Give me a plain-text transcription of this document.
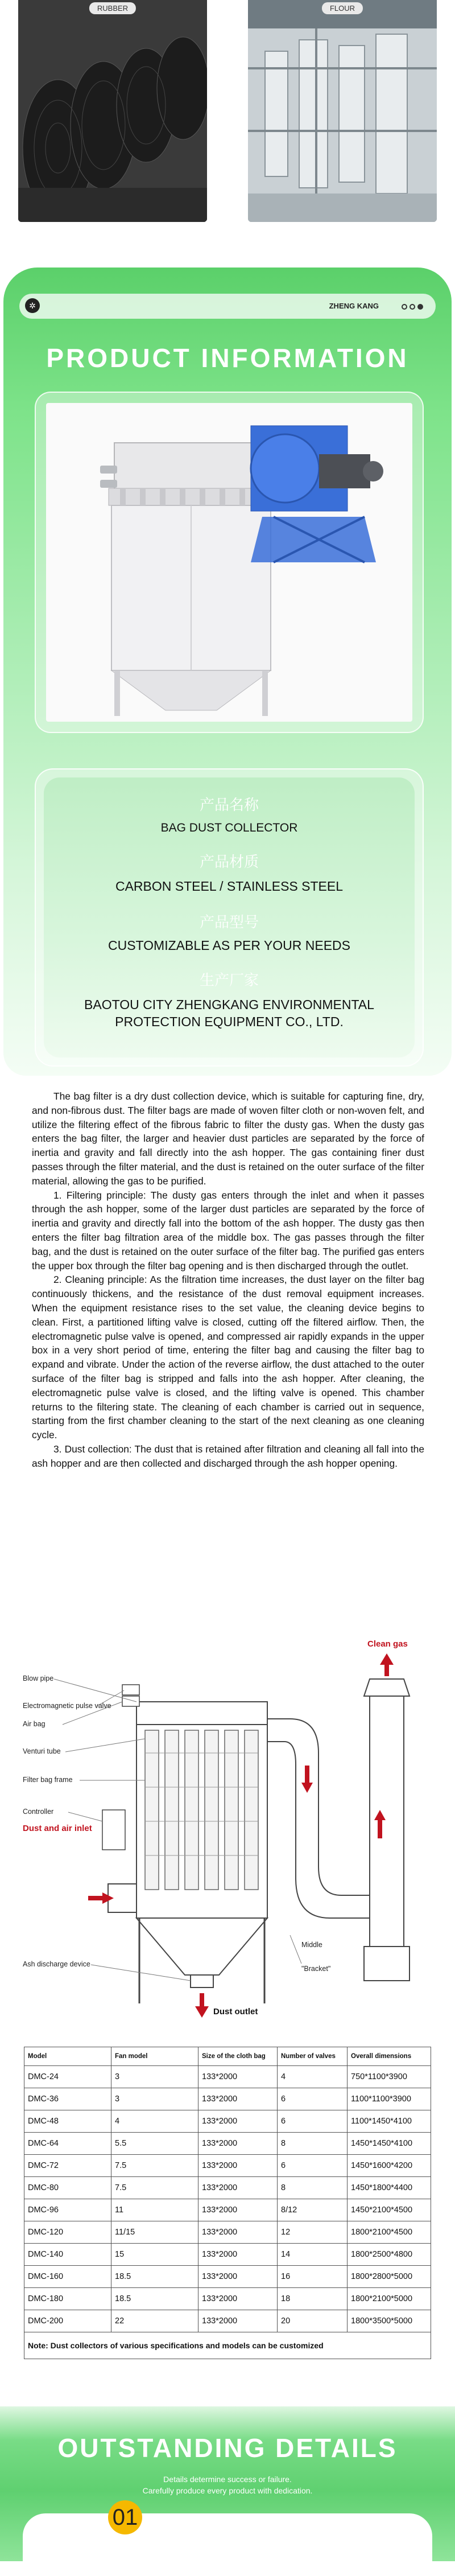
RUBBER	FLOUR
✲	ZHENG KANG
PRODUCT INFORMATION
产品名称
BAG DUST COLLECTOR
产品材质
CARBON STEEL / STAINLESS STEEL
产品型号
CUSTOMIZABLE AS PER YOUR NEEDS
生产厂家
BAOTOU CITY ZHENGKANG ENVIRONMENTAL PROTECTION EQUIPMENT CO., LTD.

The bag filter is a dry dust collection device, which is suitable for capturing fine, dry, and non-fibrous dust. The filter bags are made of woven filter cloth or non-woven felt, and utilize the filtering effect of the fibrous fabric to filter the dusty gas. When the dusty gas enters the bag filter, the larger and heavier dust particles are separated by the force of inertia and gravity and fall directly into the ash hopper. The gas containing finer dust passes through the filter material, and the dust is retained on the outer surface of the filter material, allowing the gas to be purified.

1. Filtering principle: The dusty gas enters through the inlet and when it passes through the ash hopper, some of the larger dust particles are separated by the force of inertia and gravity and directly fall into the bottom of the ash hopper. The dusty gas then enters the filter bag filtration area of the middle box. The gas passes through the filter bag, and the dust is retained on the outer surface of the filter bag. The purified gas enters the upper box through the filter bag opening and is then discharged through the outlet.

2. Cleaning principle: As the filtration time increases, the dust layer on the filter bag continuously thickens, and the resistance of the dust removal equipment increases. When the equipment resistance rises to the set value, the cleaning device begins to clean. First, a partitioned lifting valve is closed, cutting off the filtered airflow. Then, the electromagnetic pulse valve is opened, and compressed air rapidly expands in the upper box in a very short period of time, entering the filter bag and causing the filter bag to expand and vibrate. Under the action of the reverse airflow, the dust attached to the outer surface of the filter bag is stripped and falls into the ash hopper. After cleaning, the electromagnetic pulse valve is closed, and the lifting valve is opened. This chamber returns to the filtering state. The cleaning of each chamber is carried out in sequence, starting from the first chamber cleaning to the start of the next cleaning as one cleaning cycle.

3. Dust collection: The dust that is retained after filtration and cleaning all fall into the ash hopper and are then collected and discharged through the ash hopper opening.

Blow pipe
Electromagnetic pulse valve
Air bag
Venturi tube
Filter bag frame
Controller
Dust and air inlet
Ash discharge device
Clean gas
Middle
"Bracket"
Dust outlet
Model	Fan model	Size of the cloth bag	Number of valves	Overall dimensions
DMC-24	3	133*2000	4	750*1100*3900
DMC-36	3	133*2000	6	1100*1100*3900
DMC-48	4	133*2000	6	1100*1450*4100
DMC-64	5.5	133*2000	8	1450*1450*4100
DMC-72	7.5	133*2000	6	1450*1600*4200
DMC-80	7.5	133*2000	8	1450*1800*4400
DMC-96	11	133*2000	8/12	1450*2100*4500
DMC-120	11/15	133*2000	12	1800*2100*4500
DMC-140	15	133*2000	14	1800*2500*4800
DMC-160	18.5	133*2000	16	1800*2800*5000
DMC-180	18.5	133*2000	18	1800*2100*5000
DMC-200	22	133*2000	20	1800*3500*5000
Note: Dust collectors of various specifications and models can be customized				
OUTSTANDING DETAILS
Details determine success or failure.
Carefully produce every product with dedication.
01
